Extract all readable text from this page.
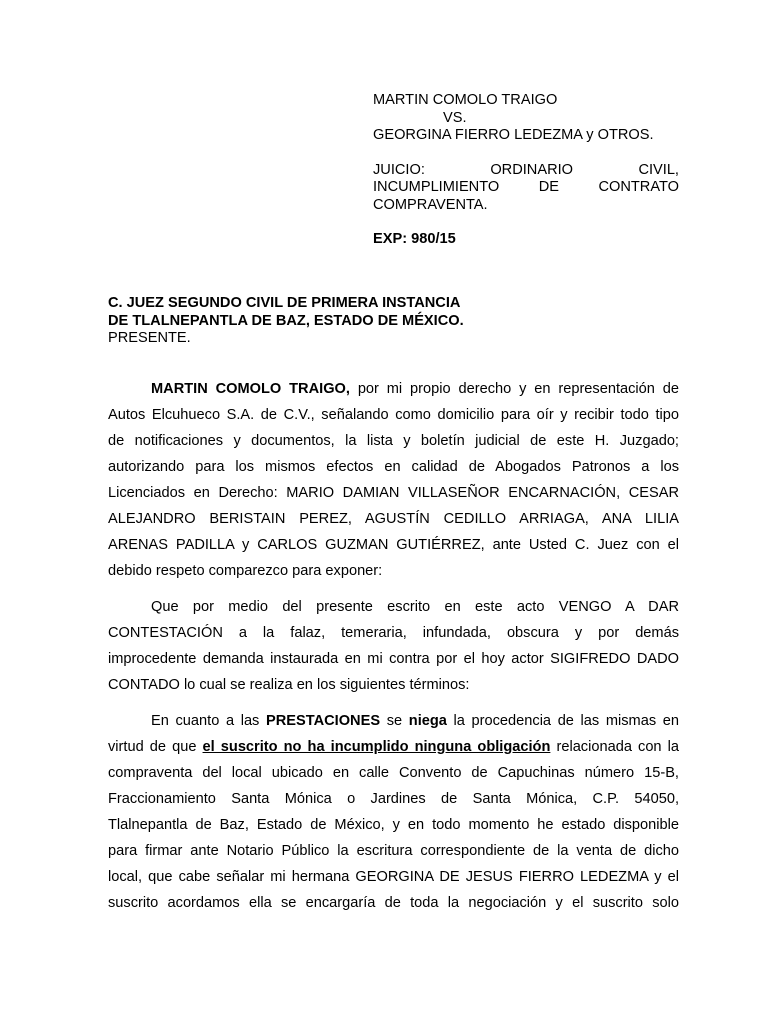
MARTIN COMOLO TRAIGO
VS.
GEORGINA FIERRO LEDEZMA y OTROS.
JUICIO:	ORDINARIO	CIVIL,
INCUMPLIMIENTO	DE	CONTRATO
COMPRAVENTA.
EXP: 980/15
C. JUEZ SEGUNDO CIVIL DE PRIMERA INSTANCIA
DE TLALNEPANTLA DE BAZ, ESTADO DE MÉXICO.
PRESENTE.
MARTIN COMOLO TRAIGO, por mi propio derecho y en representación de
Autos Elcuhueco S.A. de C.V., señalando como domicilio para oír y recibir todo tipo
de notificaciones y documentos, la lista y boletín judicial de este H. Juzgado;
autorizando para los mismos efectos en calidad de Abogados Patronos a los
Licenciados en Derecho: MARIO DAMIAN VILLASEÑOR ENCARNACIÓN, CESAR
ALEJANDRO BERISTAIN PEREZ, AGUSTÍN CEDILLO ARRIAGA, ANA LILIA
ARENAS PADILLA y CARLOS GUZMAN GUTIÉRREZ, ante Usted C. Juez con el
debido respeto comparezco para exponer:
Que por medio del presente escrito en este acto VENGO A DAR
CONTESTACIÓN a la falaz, temeraria, infundada, obscura y por demás
improcedente demanda instaurada en mi contra por el hoy actor SIGIFREDO DADO
CONTADO lo cual se realiza en los siguientes términos:
En cuanto a las PRESTACIONES se niega la procedencia de las mismas en
virtud de que el suscrito no ha incumplido ninguna obligación relacionada con la
compraventa del local ubicado en calle Convento de Capuchinas número 15-B,
Fraccionamiento Santa Mónica o Jardines de Santa Mónica, C.P. 54050,
Tlalnepantla de Baz, Estado de México, y en todo momento he estado disponible
para firmar ante Notario Público la escritura correspondiente de la venta de dicho
local, que cabe señalar mi hermana GEORGINA DE JESUS FIERRO LEDEZMA y el
suscrito acordamos ella se encargaría de toda la negociación y el suscrito solo
